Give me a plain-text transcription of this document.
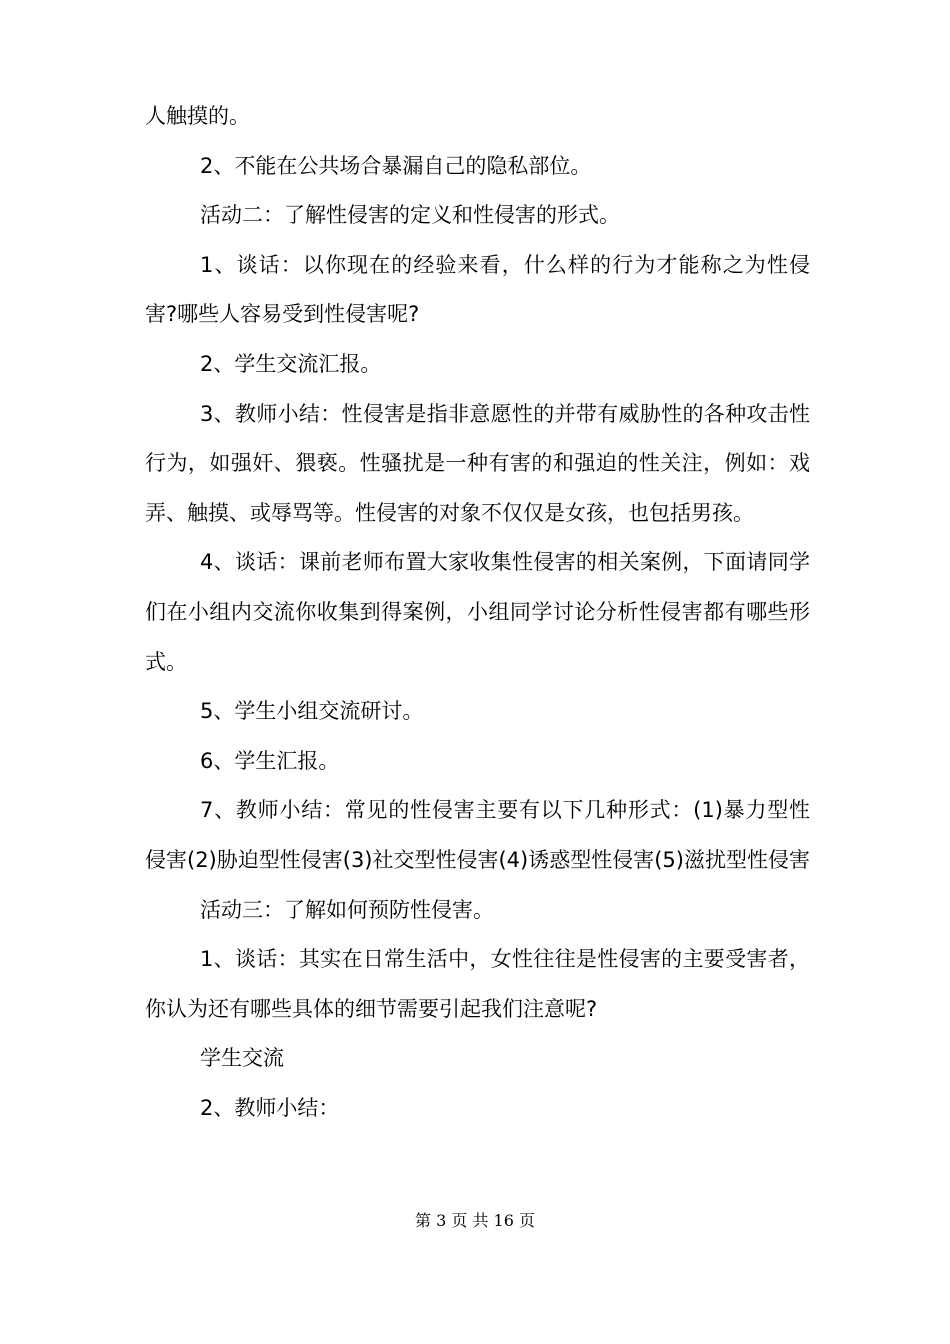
人触摸的。

2、不能在公共场合暴漏自己的隐私部位。

活动二：了解性侵害的定义和性侵害的形式。

1、谈话：以你现在的经验来看，什么样的行为才能称之为性侵害?哪些人容易受到性侵害呢?

2、学生交流汇报。

3、教师小结：性侵害是指非意愿性的并带有威胁性的各种攻击性行为，如强奸、猥亵。性骚扰是一种有害的和强迫的性关注，例如：戏弄、触摸、或辱骂等。性侵害的对象不仅仅是女孩，也包括男孩。

4、谈话：课前老师布置大家收集性侵害的相关案例，下面请同学们在小组内交流你收集到得案例，小组同学讨论分析性侵害都有哪些形式。

5、学生小组交流研讨。

6、学生汇报。

7、教师小结：常见的性侵害主要有以下几种形式：(1)暴力型性侵害(2)胁迫型性侵害(3)社交型性侵害(4)诱惑型性侵害(5)滋扰型性侵害

活动三：了解如何预防性侵害。

1、谈话：其实在日常生活中，女性往往是性侵害的主要受害者，你认为还有哪些具体的细节需要引起我们注意呢?

学生交流

2、教师小结：

第 3 页 共 16 页
